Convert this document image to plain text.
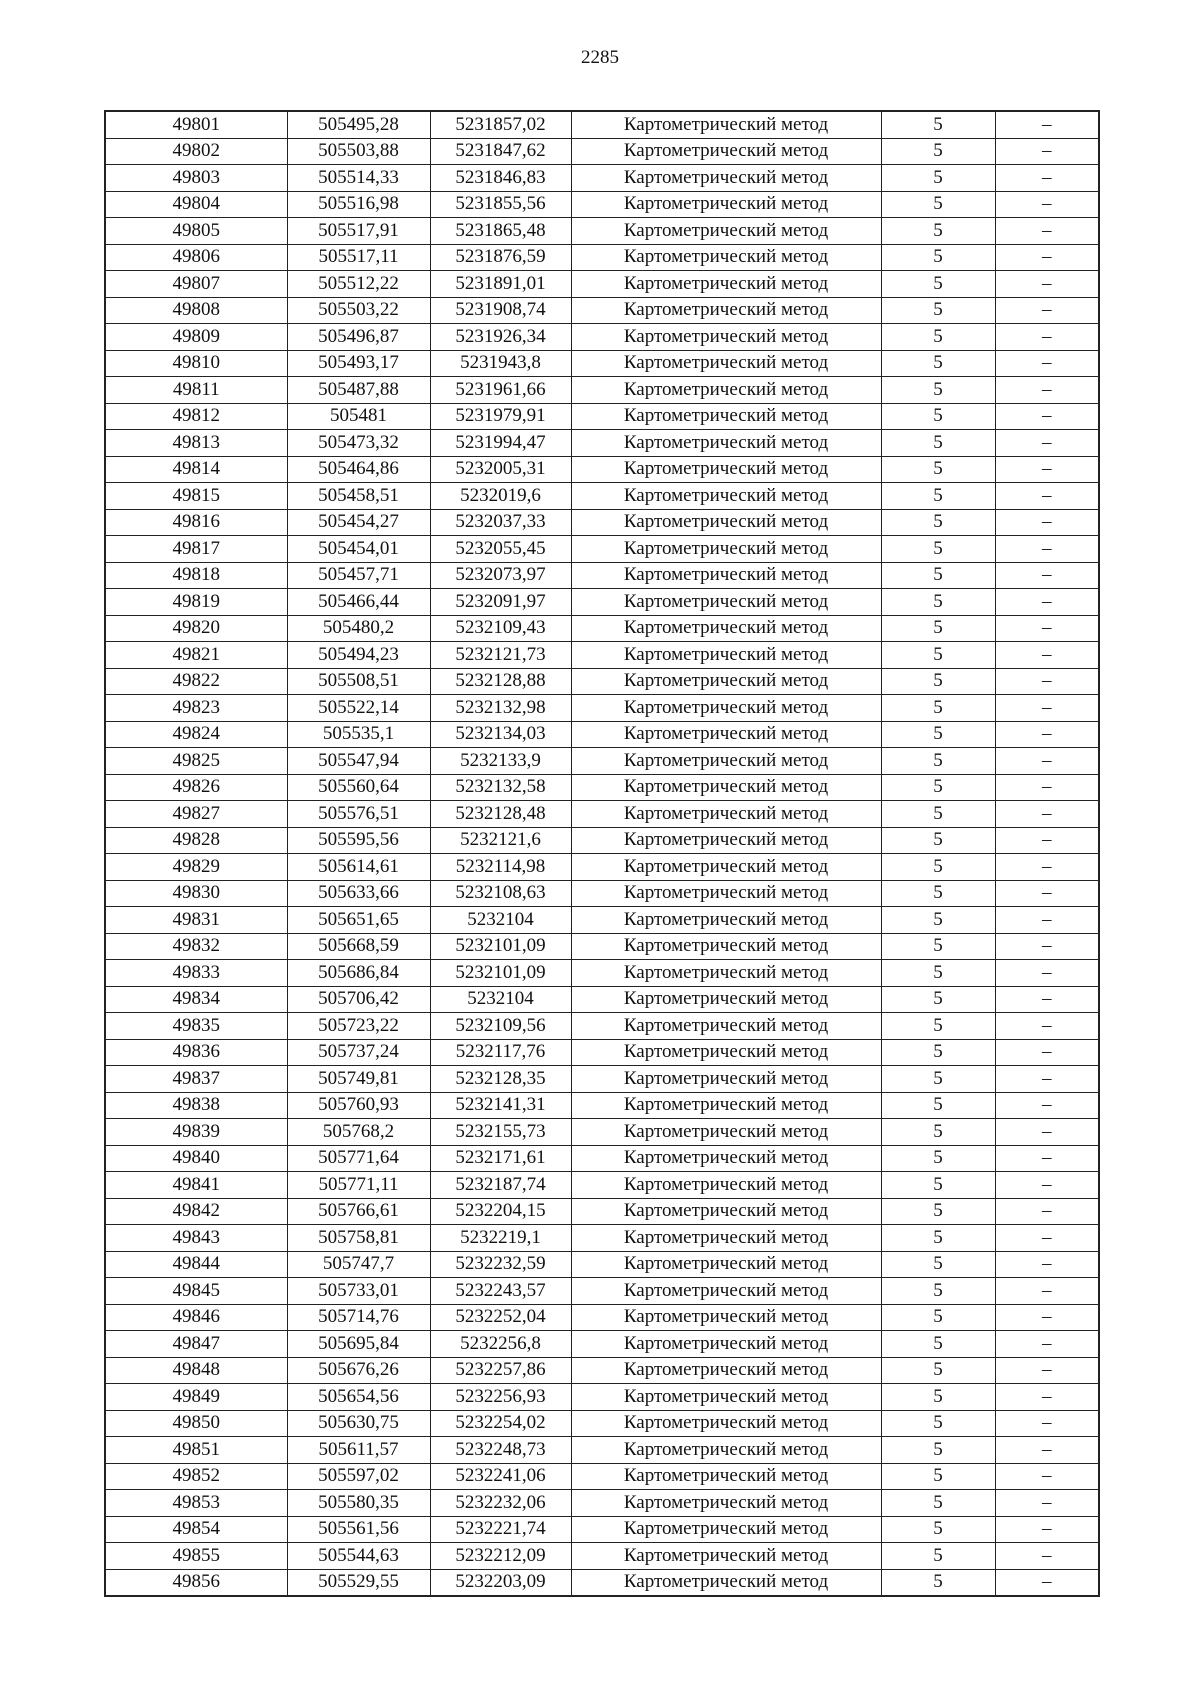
2285
49801	505495,28	5231857,02	Картометрический метод	5	–
49802	505503,88	5231847,62	Картометрический метод	5	–
49803	505514,33	5231846,83	Картометрический метод	5	–
49804	505516,98	5231855,56	Картометрический метод	5	–
49805	505517,91	5231865,48	Картометрический метод	5	–
49806	505517,11	5231876,59	Картометрический метод	5	–
49807	505512,22	5231891,01	Картометрический метод	5	–
49808	505503,22	5231908,74	Картометрический метод	5	–
49809	505496,87	5231926,34	Картометрический метод	5	–
49810	505493,17	5231943,8	Картометрический метод	5	–
49811	505487,88	5231961,66	Картометрический метод	5	–
49812	505481	5231979,91	Картометрический метод	5	–
49813	505473,32	5231994,47	Картометрический метод	5	–
49814	505464,86	5232005,31	Картометрический метод	5	–
49815	505458,51	5232019,6	Картометрический метод	5	–
49816	505454,27	5232037,33	Картометрический метод	5	–
49817	505454,01	5232055,45	Картометрический метод	5	–
49818	505457,71	5232073,97	Картометрический метод	5	–
49819	505466,44	5232091,97	Картометрический метод	5	–
49820	505480,2	5232109,43	Картометрический метод	5	–
49821	505494,23	5232121,73	Картометрический метод	5	–
49822	505508,51	5232128,88	Картометрический метод	5	–
49823	505522,14	5232132,98	Картометрический метод	5	–
49824	505535,1	5232134,03	Картометрический метод	5	–
49825	505547,94	5232133,9	Картометрический метод	5	–
49826	505560,64	5232132,58	Картометрический метод	5	–
49827	505576,51	5232128,48	Картометрический метод	5	–
49828	505595,56	5232121,6	Картометрический метод	5	–
49829	505614,61	5232114,98	Картометрический метод	5	–
49830	505633,66	5232108,63	Картометрический метод	5	–
49831	505651,65	5232104	Картометрический метод	5	–
49832	505668,59	5232101,09	Картометрический метод	5	–
49833	505686,84	5232101,09	Картометрический метод	5	–
49834	505706,42	5232104	Картометрический метод	5	–
49835	505723,22	5232109,56	Картометрический метод	5	–
49836	505737,24	5232117,76	Картометрический метод	5	–
49837	505749,81	5232128,35	Картометрический метод	5	–
49838	505760,93	5232141,31	Картометрический метод	5	–
49839	505768,2	5232155,73	Картометрический метод	5	–
49840	505771,64	5232171,61	Картометрический метод	5	–
49841	505771,11	5232187,74	Картометрический метод	5	–
49842	505766,61	5232204,15	Картометрический метод	5	–
49843	505758,81	5232219,1	Картометрический метод	5	–
49844	505747,7	5232232,59	Картометрический метод	5	–
49845	505733,01	5232243,57	Картометрический метод	5	–
49846	505714,76	5232252,04	Картометрический метод	5	–
49847	505695,84	5232256,8	Картометрический метод	5	–
49848	505676,26	5232257,86	Картометрический метод	5	–
49849	505654,56	5232256,93	Картометрический метод	5	–
49850	505630,75	5232254,02	Картометрический метод	5	–
49851	505611,57	5232248,73	Картометрический метод	5	–
49852	505597,02	5232241,06	Картометрический метод	5	–
49853	505580,35	5232232,06	Картометрический метод	5	–
49854	505561,56	5232221,74	Картометрический метод	5	–
49855	505544,63	5232212,09	Картометрический метод	5	–
49856	505529,55	5232203,09	Картометрический метод	5	–
